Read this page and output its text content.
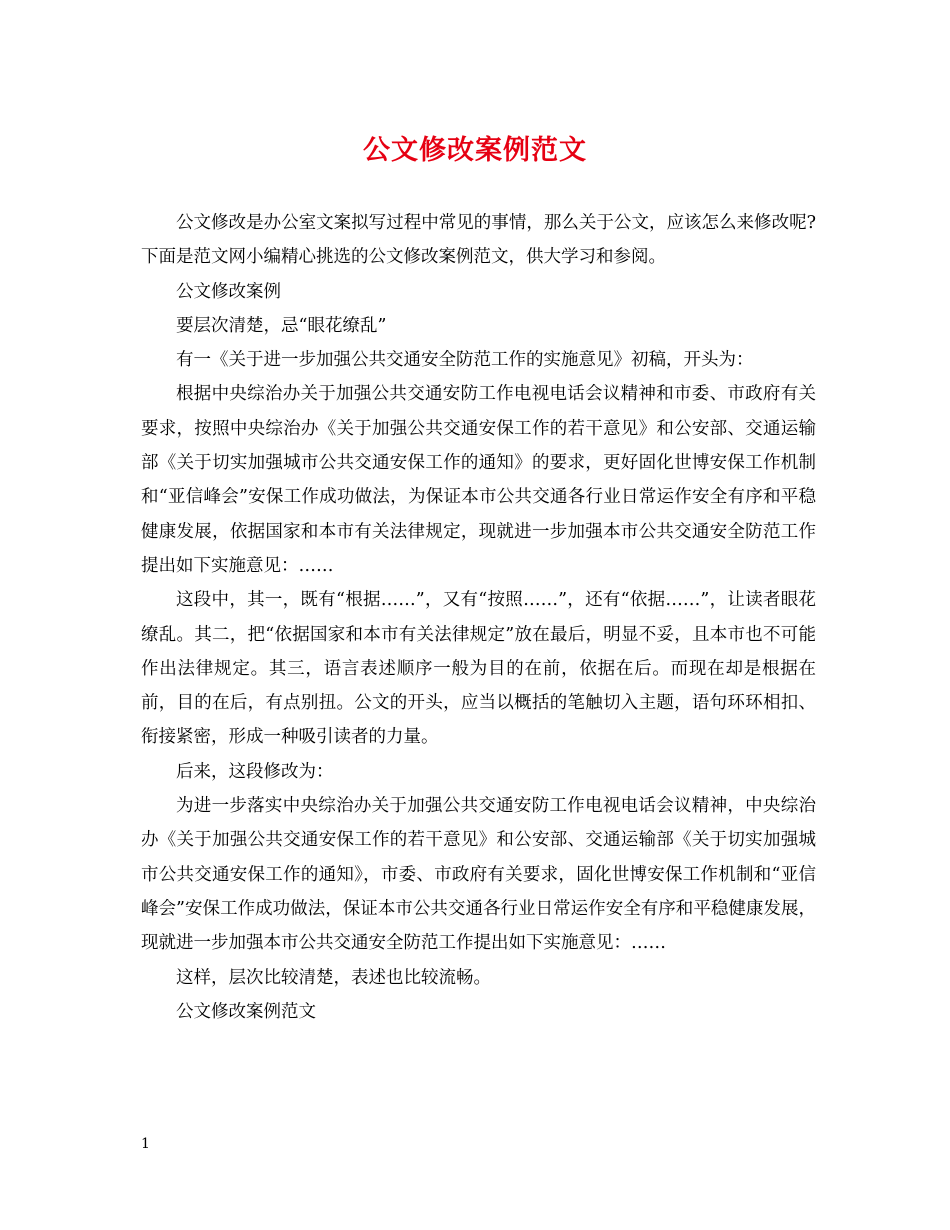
公文修改案例范文

公文修改是办公室文案拟写过程中常见的事情，那么关于公文，应该怎么来修改呢?下面是范文网小编精心挑选的公文修改案例范文，供大学习和参阅。

公文修改案例

要层次清楚，忌“眼花缭乱”

有一《关于进一步加强公共交通安全防范工作的实施意见》初稿，开头为：

根据中央综治办关于加强公共交通安防工作电视电话会议精神和市委、市政府有关要求，按照中央综治办《关于加强公共交通安保工作的若干意见》和公安部、交通运输部《关于切实加强城市公共交通安保工作的通知》的要求，更好固化世博安保工作机制和“亚信峰会”安保工作成功做法，为保证本市公共交通各行业日常运作安全有序和平稳健康发展，依据国家和本市有关法律规定，现就进一步加强本市公共交通安全防范工作提出如下实施意见：……

这段中，其一，既有“根据……”，又有“按照……”，还有“依据……”，让读者眼花缭乱。其二，把“依据国家和本市有关法律规定”放在最后，明显不妥，且本市也不可能作出法律规定。其三，语言表述顺序一般为目的在前，依据在后。而现在却是根据在前，目的在后，有点别扭。公文的开头，应当以概括的笔触切入主题，语句环环相扣、衔接紧密，形成一种吸引读者的力量。

后来，这段修改为：

为进一步落实中央综治办关于加强公共交通安防工作电视电话会议精神，中央综治办《关于加强公共交通安保工作的若干意见》和公安部、交通运输部《关于切实加强城市公共交通安保工作的通知》，市委、市政府有关要求，固化世博安保工作机制和“亚信峰会”安保工作成功做法，保证本市公共交通各行业日常运作安全有序和平稳健康发展，现就进一步加强本市公共交通安全防范工作提出如下实施意见：……

这样，层次比较清楚，表述也比较流畅。

公文修改案例范文

1
